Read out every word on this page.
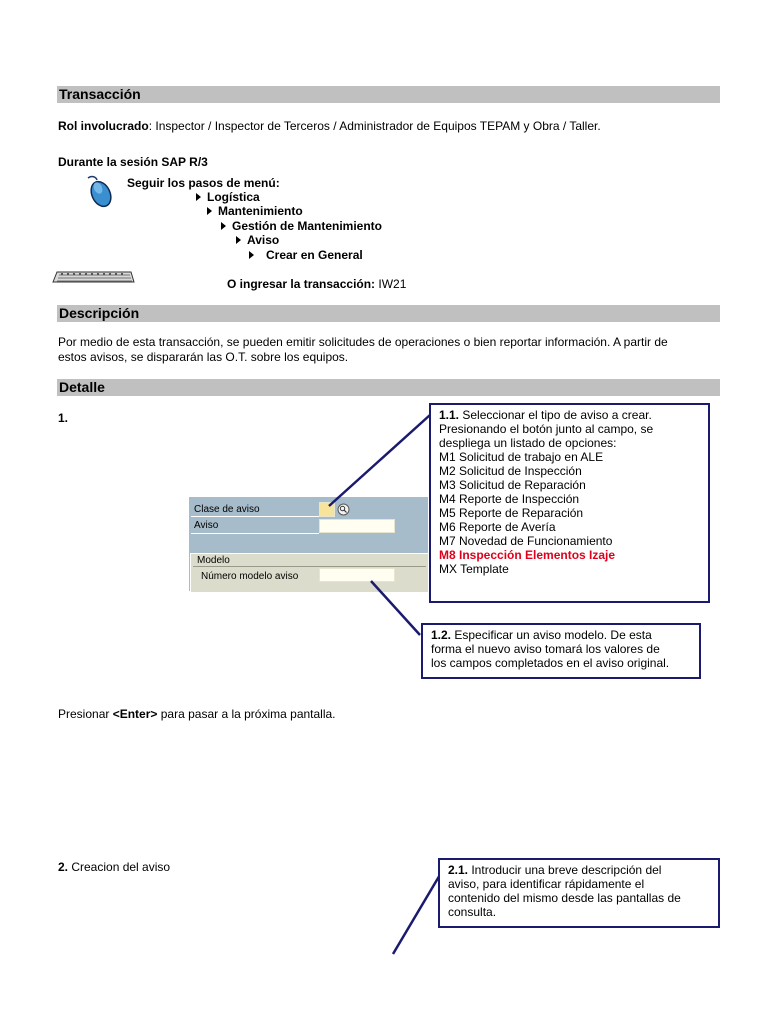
Transacción
Rol involucrado: Inspector / Inspector de Terceros / Administrador de Equipos TEPAM y Obra / Taller.
Durante la sesión SAP R/3
Seguir los pasos de menú:
Logística
Mantenimiento
Gestión de Mantenimiento
Aviso
Crear en General
O ingresar la transacción: IW21
Descripción
Por medio de esta transacción, se pueden emitir solicitudes de operaciones o bien reportar información. A partir de
estos avisos, se dispararán las O.T. sobre los equipos.
Detalle
1.
Clase de aviso
Aviso
Modelo
Número modelo aviso
1.1. Seleccionar el tipo de aviso a crear.
Presionando el botón junto al campo, se
despliega un listado de opciones:
M1 Solicitud de trabajo en ALE
M2 Solicitud de Inspección
M3 Solicitud de Reparación
M4 Reporte de Inspección
M5 Reporte de Reparación
M6 Reporte de Avería
M7 Novedad de Funcionamiento
M8 Inspección Elementos Izaje
MX Template
1.2. Especificar un aviso modelo. De esta
forma el nuevo aviso tomará los valores de
los campos completados en el aviso original.
Presionar <Enter> para pasar a la próxima pantalla.
2. Creacion del aviso	2.1. Introducir una breve descripción del
aviso, para identificar rápidamente el
contenido del mismo desde las pantallas de
consulta.
